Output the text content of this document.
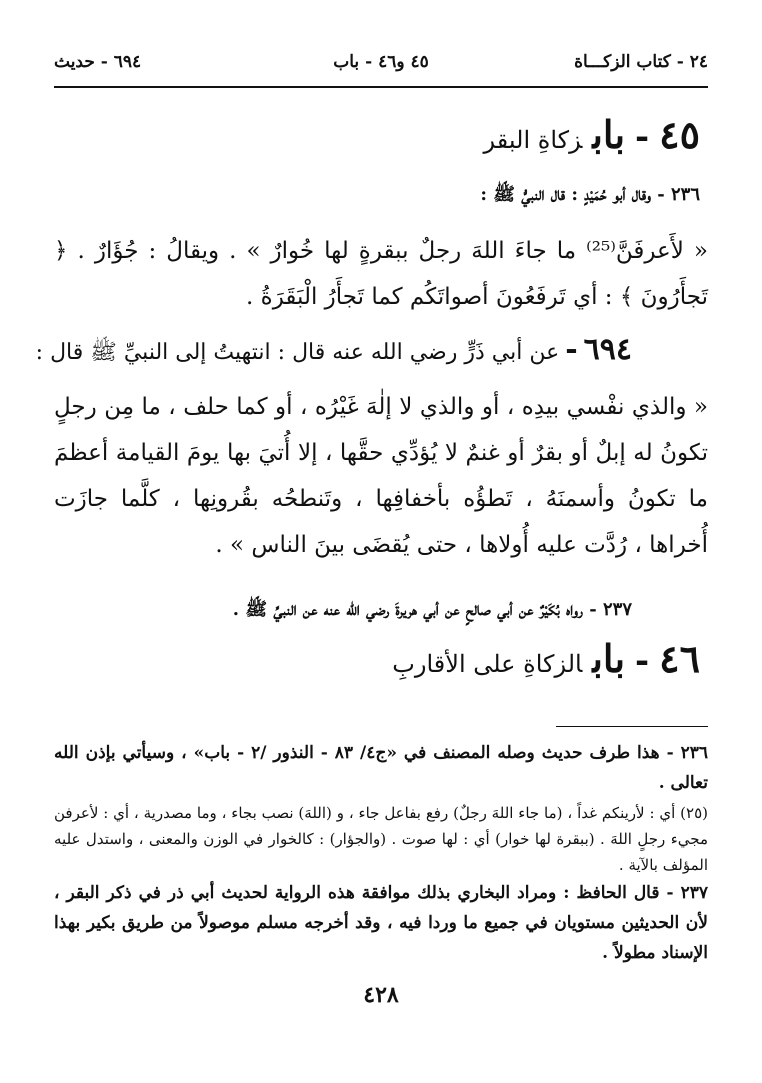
٢٤ - كتاب الزكـــاة
٤٥ و٤٦ - باب
٦٩٤ - حديث
٤٥-بابزكاةِ البقر
٢٣٦ - وقال أبو حُمَيْدٍ : قال النبيُّ ﷺ :
« لأَعرفَنَّ⁽²⁵⁾ ما جاءَ اللهَ رجلٌ ببقرةٍ لها خُوارٌ » . ويقالُ : جُؤَارٌ . ﴿ تَجأَرُونَ ﴾ : أي تَرفَعُونَ أصواتَكُم كما تَجأَرُ الْبَقَرَةُ .
٦٩٤-عن أبي ذَرٍّ رضي الله عنه قال : انتهيتُ إلى النبيِّ ﷺ قال :
« والذي نفْسي بيدِه ، أو والذي لا إلٰهَ غَيْرُه ، أو كما حلف ، ما مِن رجلٍ تكونُ له إبلٌ أو بقرٌ أو غنمٌ لا يُؤدِّي حقَّها ، إلا أُتيَ بها يومَ القيامة أعظمَ ما تكونُ وأسمنَهُ ، تَطؤُه بأخفافِها ، وتَنطحُه بقُرونِها ، كلَّما جازَت أُخراها ، رُدَّت عليه أُولاها ، حتى يُقضَى بينَ الناس » .
٢٣٧ - رواه بُكَيْرٌ عن أبي صالحٍ عن أبي هريرةَ رضي الله عنه عن النبيِّ ﷺ .
٤٦-بابالزكاةِ على الأقاربِ
٢٣٦ - هذا طرف حديث وصله المصنف في «ج٤/ ٨٣ - النذور /٢ - باب» ، وسيأتي بإذن الله تعالى .
(٢٥) أي : لأرينكم غداً ، (ما جاء اللهَ رجلٌ) رفع بفاعل جاء ، و (اللهَ) نصب بجاء ، وما مصدرية ، أي : لأعرفن مجيء رجلٍ اللهَ . (ببقرة لها خوار) أي : لها صوت . (والجؤار) : كالخوار في الوزن والمعنى ، واستدل عليه المؤلف بالآية .
٢٣٧ - قال الحافظ : ومراد البخاري بذلك موافقة هذه الرواية لحديث أبي ذر في ذكر البقر ، لأن الحديثين مستويان في جميع ما وردا فيه ، وقد أخرجه مسلم موصولاً من طريق بكير بهذا الإسناد مطولاً .
٤٢٨
